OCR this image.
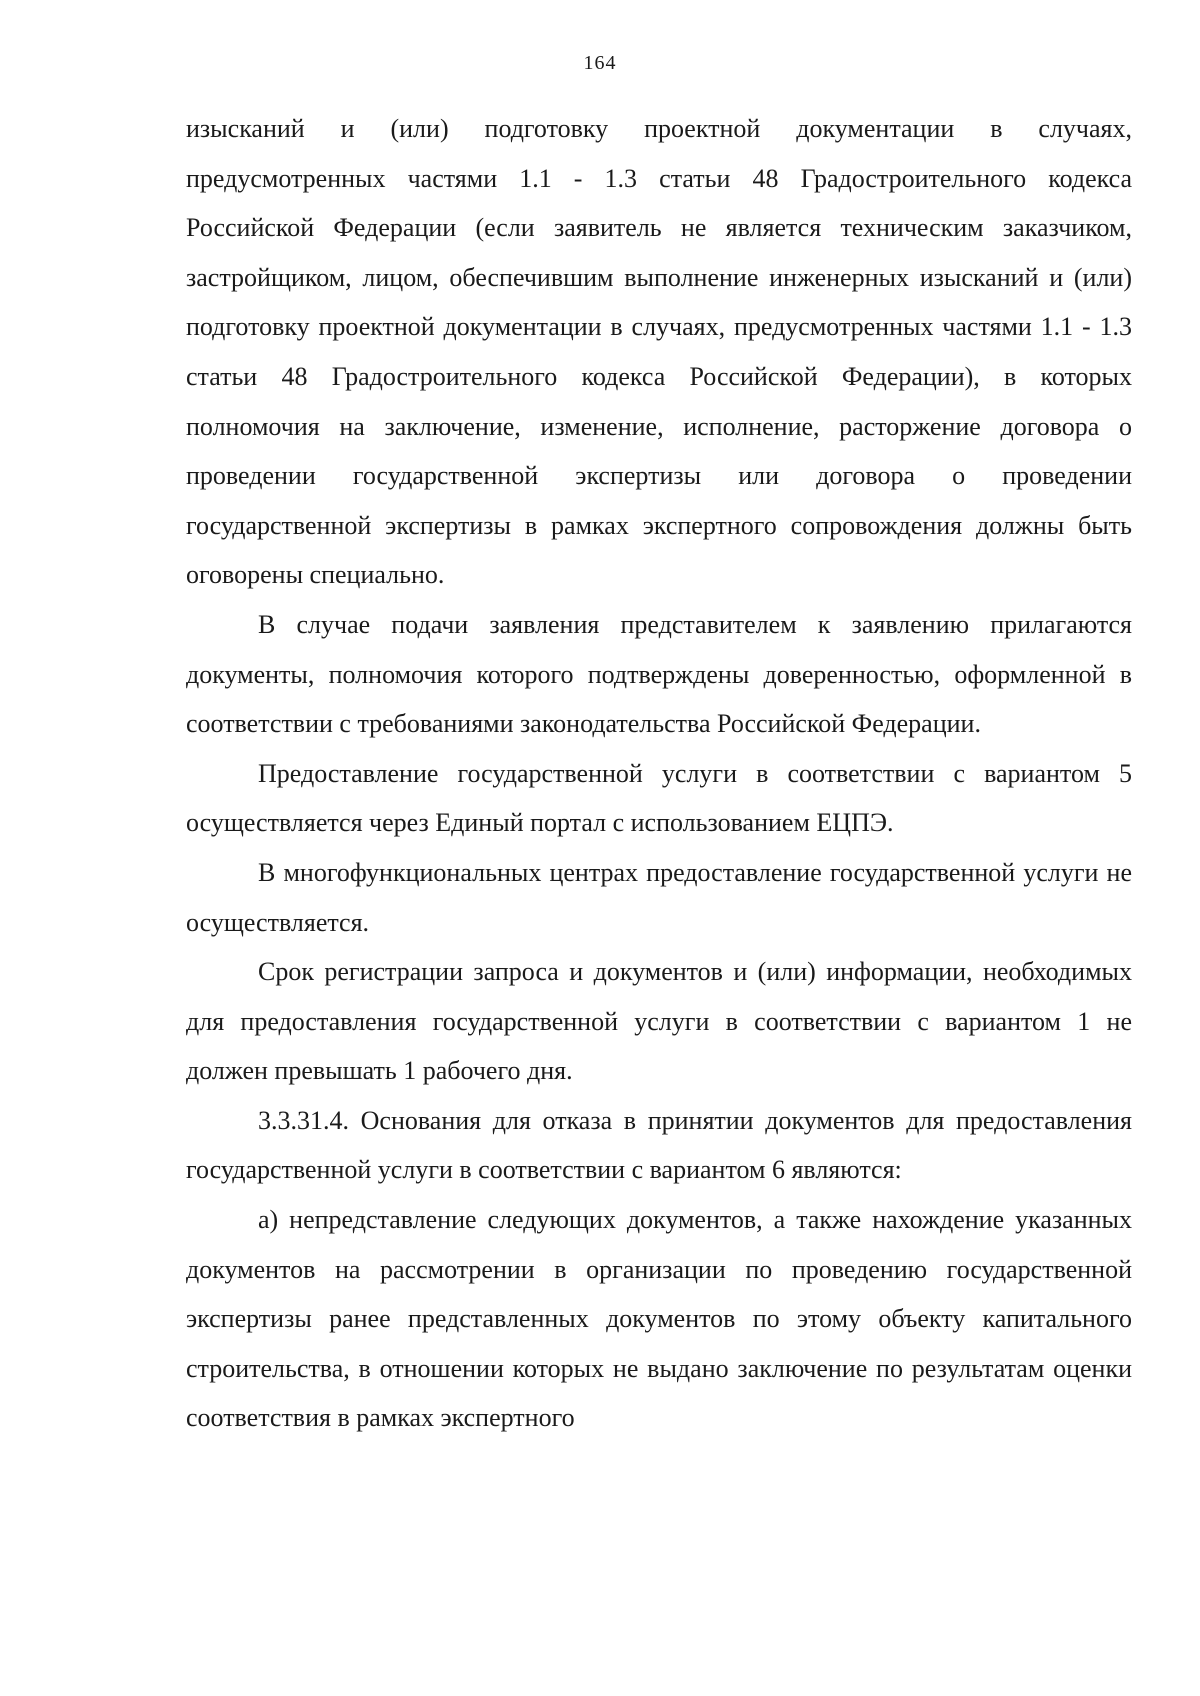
164

изысканий и (или) подготовку проектной документации в случаях, предусмотренных частями 1.1 - 1.3 статьи 48 Градостроительного кодекса Российской Федерации (если заявитель не является техническим заказчиком, застройщиком, лицом, обеспечившим выполнение инженерных изысканий и (или) подготовку проектной документации в случаях, предусмотренных частями 1.1 - 1.3 статьи 48 Градостроительного кодекса Российской Федерации), в которых полномочия на заключение, изменение, исполнение, расторжение договора о проведении государственной экспертизы или договора о проведении государственной экспертизы в рамках экспертного сопровождения должны быть оговорены специально.

В случае подачи заявления представителем к заявлению прилагаются документы, полномочия которого подтверждены доверенностью, оформленной в соответствии с требованиями законодательства Российской Федерации.

Предоставление государственной услуги в соответствии с вариантом 5 осуществляется через Единый портал с использованием ЕЦПЭ.

В многофункциональных центрах предоставление государственной услуги не осуществляется.

Срок регистрации запроса и документов и (или) информации, необходимых для предоставления государственной услуги в соответствии с вариантом 1 не должен превышать 1 рабочего дня.

3.3.31.4. Основания для отказа в принятии документов для предоставления государственной услуги в соответствии с вариантом 6 являются:

а) непредставление следующих документов, а также нахождение указанных документов на рассмотрении в организации по проведению государственной экспертизы ранее представленных документов по этому объекту капитального строительства, в отношении которых не выдано заключение по результатам оценки соответствия в рамках экспертного
